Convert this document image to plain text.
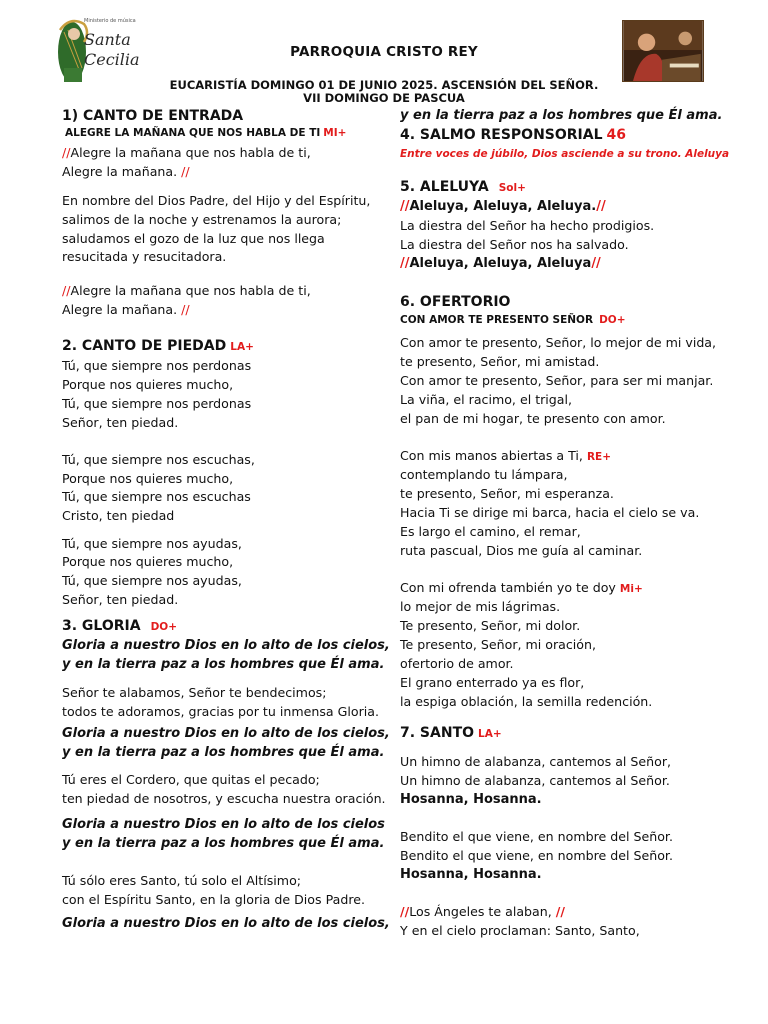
Ministerio de música
Santa
Cecilia	PARROQUIA CRISTO REY
EUCARISTÍA DOMINGO 01 DE JUNIO 2025. ASCENSIÓN DEL SEÑOR.
VII DOMINGO DE PASCUA
1) CANTO DE ENTRADA
ALEGRE LA MAÑANA QUE NOS HABLA DE TI MI+
//Alegre la mañana que nos habla de ti,
Alegre la mañana. //
En nombre del Dios Padre, del Hijo y del Espíritu,
salimos de la noche y estrenamos la aurora;
saludamos el gozo de la luz que nos llega
resucitada y resucitadora.
//Alegre la mañana que nos habla de ti,
Alegre la mañana. //
2. CANTO DE PIEDAD LA+
Tú, que siempre nos perdonas
Porque nos quieres mucho,
Tú, que siempre nos perdonas
Señor, ten piedad.
Tú, que siempre nos escuchas,
Porque nos quieres mucho,
Tú, que siempre nos escuchas
Cristo, ten piedad
Tú, que siempre nos ayudas,
Porque nos quieres mucho,
Tú, que siempre nos ayudas,
Señor, ten piedad.
3. GLORIA DO+
Gloria a nuestro Dios en lo alto de los cielos,
y en la tierra paz a los hombres que Él ama.
Señor te alabamos, Señor te bendecimos;
todos te adoramos, gracias por tu inmensa Gloria.
Gloria a nuestro Dios en lo alto de los cielos,
y en la tierra paz a los hombres que Él ama.
Tú eres el Cordero, que quitas el pecado;
ten piedad de nosotros, y escucha nuestra oración.
Gloria a nuestro Dios en lo alto de los cielos
y en la tierra paz a los hombres que Él ama.
Tú sólo eres Santo, tú solo el Altísimo;
con el Espíritu Santo, en la gloria de Dios Padre.
Gloria a nuestro Dios en lo alto de los cielos,
y en la tierra paz a los hombres que Él ama.
4. SALMO RESPONSORIAL 46
Entre voces de júbilo, Dios asciende a su trono. Aleluya
5. ALELUYA Sol+
//Aleluya, Aleluya, Aleluya.//
La diestra del Señor ha hecho prodigios.
La diestra del Señor nos ha salvado.
//Aleluya, Aleluya, Aleluya//
6. OFERTORIO
CON AMOR TE PRESENTO SEÑOR DO+
Con amor te presento, Señor, lo mejor de mi vida,
te presento, Señor, mi amistad.
Con amor te presento, Señor, para ser mi manjar.
La viña, el racimo, el trigal,
el pan de mi hogar, te presento con amor.
Con mis manos abiertas a Ti, RE+
contemplando tu lámpara,
te presento, Señor, mi esperanza.
Hacia Ti se dirige mi barca, hacia el cielo se va.
Es largo el camino, el remar,
ruta pascual, Dios me guía al caminar.
Con mi ofrenda también yo te doy Mi+
lo mejor de mis lágrimas.
Te presento, Señor, mi dolor.
Te presento, Señor, mi oración,
ofertorio de amor.
El grano enterrado ya es flor,
la espiga oblación, la semilla redención.
7. SANTO LA+
Un himno de alabanza, cantemos al Señor,
Un himno de alabanza, cantemos al Señor.
Hosanna, Hosanna.
Bendito el que viene, en nombre del Señor.
Bendito el que viene, en nombre del Señor.
Hosanna, Hosanna.
//Los Ángeles te alaban, //
Y en el cielo proclaman: Santo, Santo,
